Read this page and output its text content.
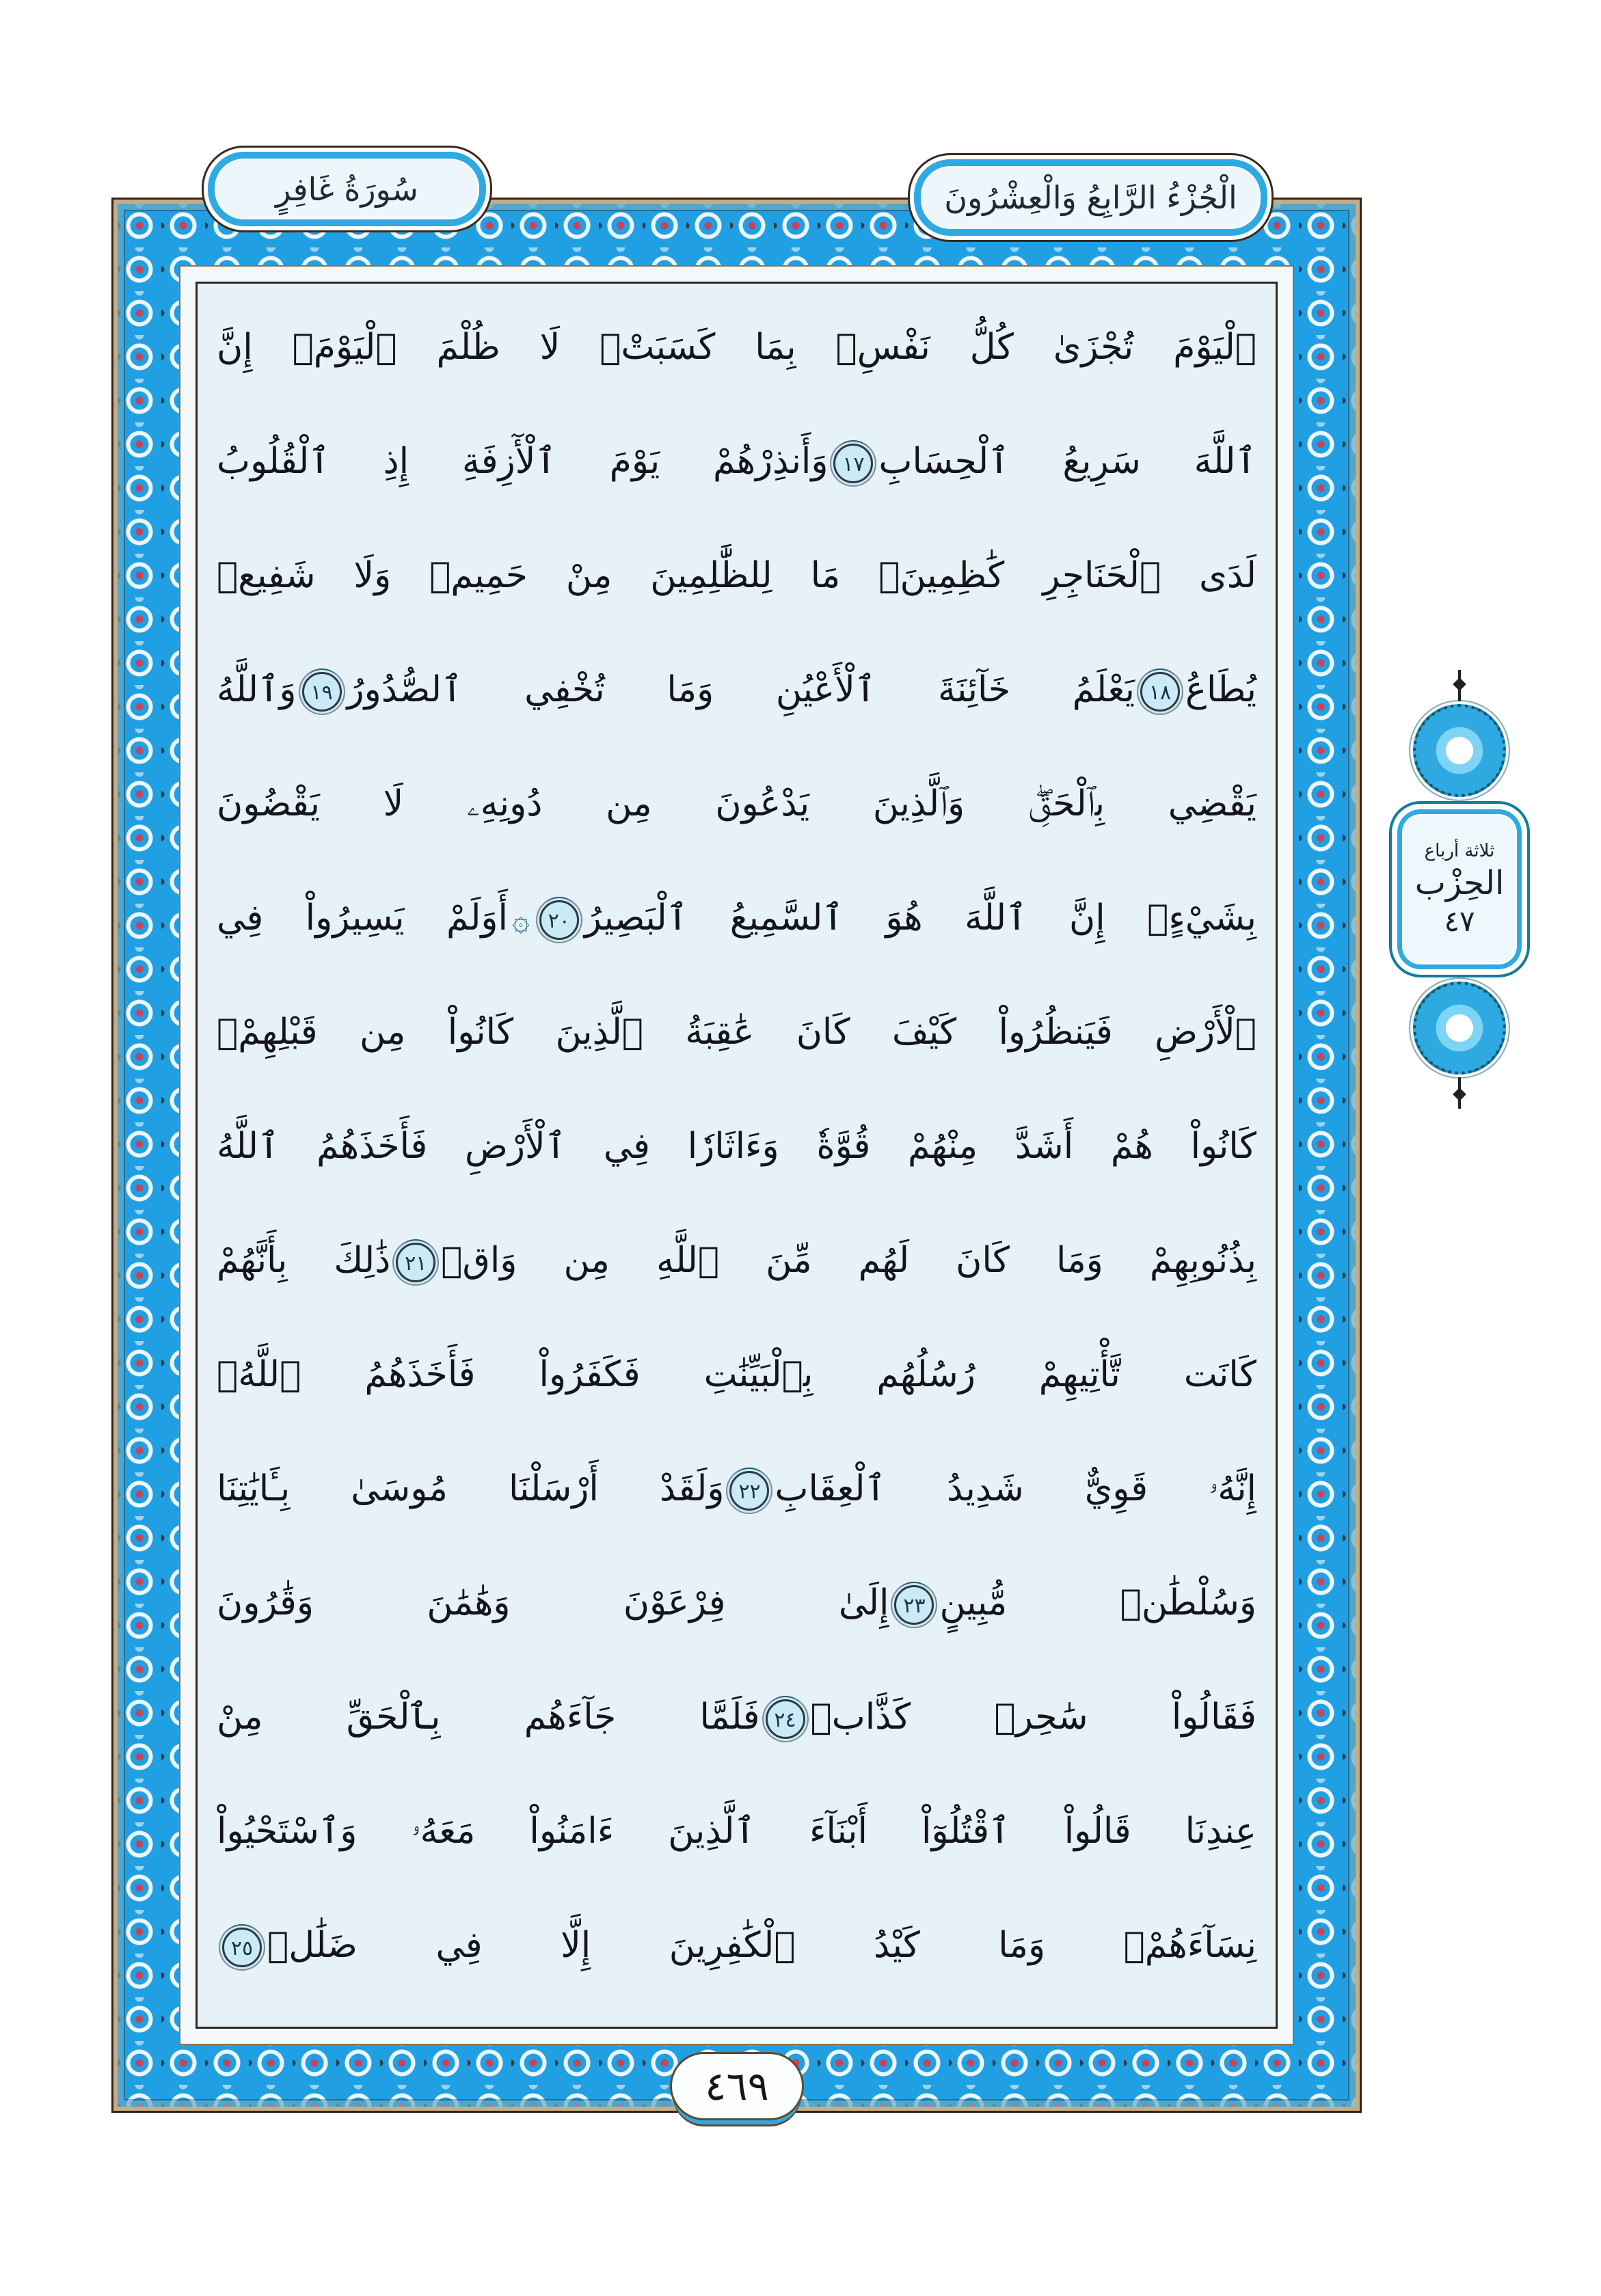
ٱلْيَوْمَ تُجْزَىٰ كُلُّ نَفْسِۭ بِمَا كَسَبَتْۚ لَا ظُلْمَ ٱلْيَوْمَۚ إِنَّ
ٱللَّهَ سَرِيعُ ٱلْحِسَابِ١٧وَأَنذِرْهُمْ يَوْمَ ٱلْأٓزِفَةِ إِذِ ٱلْقُلُوبُ
لَدَى ٱلْحَنَاجِرِ كَٰظِمِينَۚ مَا لِلظَّٰلِمِينَ مِنْ حَمِيمٖ وَلَا شَفِيعٖ
يُطَاعُ١٨يَعْلَمُ خَآئِنَةَ ٱلْأَعْيُنِ وَمَا تُخْفِي ٱلصُّدُورُ١٩وَٱللَّهُ
يَقْضِي بِٱلْحَقِّۖ وَٱلَّذِينَ يَدْعُونَ مِن دُونِهِۦ لَا يَقْضُونَ
بِشَيْءٍۗ إِنَّ ٱللَّهَ هُوَ ٱلسَّمِيعُ ٱلْبَصِيرُ٢٠۞أَوَلَمْ يَسِيرُواْ فِي
ٱلْأَرْضِ فَيَنظُرُواْ كَيْفَ كَانَ عَٰقِبَةُ ٱلَّذِينَ كَانُواْ مِن قَبْلِهِمْۚ
كَانُواْ هُمْ أَشَدَّ مِنْهُمْ قُوَّةٗ وَءَاثَارٗا فِي ٱلْأَرْضِ فَأَخَذَهُمُ ٱللَّهُ
بِذُنُوبِهِمْ وَمَا كَانَ لَهُم مِّنَ ٱللَّهِ مِن وَاقٖ٢١ذَٰلِكَ بِأَنَّهُمْ
كَانَت تَّأْتِيهِمْ رُسُلُهُم بِٱلْبَيِّنَٰتِ فَكَفَرُواْ فَأَخَذَهُمُ ٱللَّهُۚ
إِنَّهُۥ قَوِيٌّ شَدِيدُ ٱلْعِقَابِ٢٢وَلَقَدْ أَرْسَلْنَا مُوسَىٰ بِـَٔايَٰتِنَا
وَسُلْطَٰنٖ مُّبِينٍ٢٣إِلَىٰ فِرْعَوْنَ وَهَٰمَٰنَ وَقَٰرُونَ
فَقَالُواْ سَٰحِرٞ كَذَّابٞ٢٤فَلَمَّا جَآءَهُم بِٱلْحَقِّ مِنْ
عِندِنَا قَالُواْ ٱقْتُلُوٓاْ أَبْنَآءَ ٱلَّذِينَ ءَامَنُواْ مَعَهُۥ وَٱسْتَحْيُواْ
نِسَآءَهُمْۚ وَمَا كَيْدُ ٱلْكَٰفِرِينَ إِلَّا فِي ضَلَٰلٖ٢٥
سُورَةُ غَافِرٍ	الْجُزْءُ الرَّابِعُ وَالْعِشْرُونَ
ثلاثة أرباع
الحِزْب
٤٧
٤٦٩
